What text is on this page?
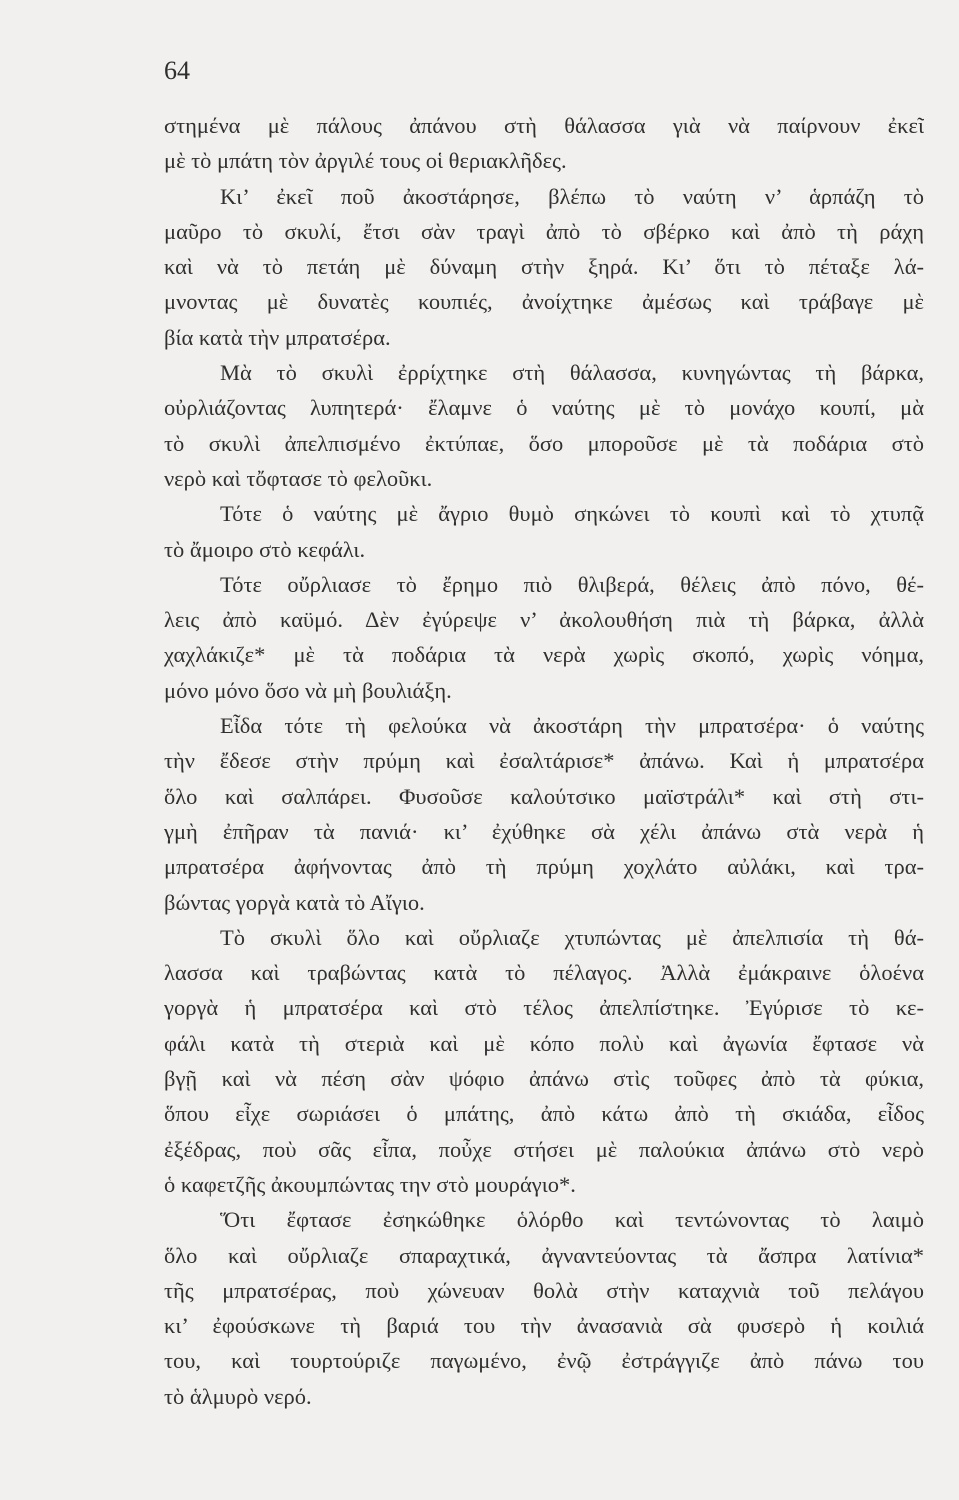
64
στημένα μὲ πάλους ἀπάνου στὴ θάλασσα γιὰ νὰ παίρνουν ἐκεῖ
μὲ τὸ μπάτη τὸν ἀργιλέ τους οἱ θεριακλῆδες.
Κι’ ἐκεῖ ποῦ ἀκοστάρησε, βλέπω τὸ ναύτη ν’ ἁρπάζη τὸ
μαῦρο τὸ σκυλί, ἔτσι σὰν τραγὶ ἀπὸ τὸ σβέρκο καὶ ἀπὸ τὴ ράχη
καὶ νὰ τὸ πετάη μὲ δύναμη στὴν ξηρά. Κι’ ὅτι τὸ πέταξε λά-
μνοντας μὲ δυνατὲς κουπιές, ἀνοίχτηκε ἀμέσως καὶ τράβαγε μὲ
βία κατὰ τὴν μπρατσέρα.
Μὰ τὸ σκυλὶ ἐρρίχτηκε στὴ θάλασσα, κυνηγώντας τὴ βάρκα,
οὐρλιάζοντας λυπητερά· ἔλαμνε ὁ ναύτης μὲ τὸ μονάχο κουπί, μὰ
τὸ σκυλὶ ἀπελπισμένο ἐκτύπαε, ὅσο μποροῦσε μὲ τὰ ποδάρια στὸ
νερὸ καὶ τὄφτασε τὸ φελοῦκι.
Τότε ὁ ναύτης μὲ ἄγριο θυμὸ σηκώνει τὸ κουπὶ καὶ τὸ χτυπᾷ
τὸ ἄμοιρο στὸ κεφάλι.
Τότε οὔρλιασε τὸ ἔρημο πιὸ θλιβερά, θέλεις ἀπὸ πόνο, θέ-
λεις ἀπὸ καϋμό. Δὲν ἐγύρεψε ν’ ἀκολουθήση πιὰ τὴ βάρκα, ἀλλὰ
χαχλάκιζε* μὲ τὰ ποδάρια τὰ νερὰ χωρὶς σκοπό, χωρὶς νόημα,
μόνο μόνο ὅσο νὰ μὴ βουλιάξη.
Εἶδα τότε τὴ φελούκα νὰ ἀκοστάρη τὴν μπρατσέρα· ὁ ναύτης
τὴν ἔδεσε στὴν πρύμη καὶ ἐσαλτάρισε* ἀπάνω. Καὶ ἡ μπρατσέρα
ὅλο καὶ σαλπάρει. Φυσοῦσε καλούτσικο μαϊστράλι* καὶ στὴ στι-
γμὴ ἐπῆραν τὰ πανιά· κι’ ἐχύθηκε σὰ χέλι ἀπάνω στὰ νερὰ ἡ
μπρατσέρα ἀφήνοντας ἀπὸ τὴ πρύμη χοχλάτο αὐλάκι, καὶ τρα-
βώντας γοργὰ κατὰ τὸ Αἴγιο.
Τὸ σκυλὶ ὅλο καὶ οὔρλιαζε χτυπώντας μὲ ἀπελπισία τὴ θά-
λασσα καὶ τραβώντας κατὰ τὸ πέλαγος. Ἀλλὰ ἐμάκραινε ὁλοένα
γοργὰ ἡ μπρατσέρα καὶ στὸ τέλος ἀπελπίστηκε. Ἐγύρισε τὸ κε-
φάλι κατὰ τὴ στεριὰ καὶ μὲ κόπο πολὺ καὶ ἀγωνία ἔφτασε νὰ
βγῇ καὶ νὰ πέση σὰν ψόφιο ἀπάνω στὶς τοῦφες ἀπὸ τὰ φύκια,
ὅπου εἶχε σωριάσει ὁ μπάτης, ἀπὸ κάτω ἀπὸ τὴ σκιάδα, εἶδος
ἐξέδρας, ποὺ σᾶς εἶπα, ποὖχε στήσει μὲ παλούκια ἀπάνω στὸ νερὸ
ὁ καφετζῆς ἀκουμπώντας την στὸ μουράγιο*.
Ὅτι ἔφτασε ἐσηκώθηκε ὁλόρθο καὶ τεντώνοντας τὸ λαιμὸ
ὅλο καὶ οὔρλιαζε σπαραχτικά, ἀγναντεύοντας τὰ ἄσπρα λατίνια*
τῆς μπρατσέρας, ποὺ χώνευαν θολὰ στὴν καταχνιὰ τοῦ πελάγου
κι’ ἐφούσκωνε τὴ βαριά του τὴν ἀνασανιὰ σὰ φυσερὸ ἡ κοιλιά
του, καὶ τουρτούριζε παγωμένο, ἐνῷ ἐστράγγιζε ἀπὸ πάνω του
τὸ ἁλμυρὸ νερό.
